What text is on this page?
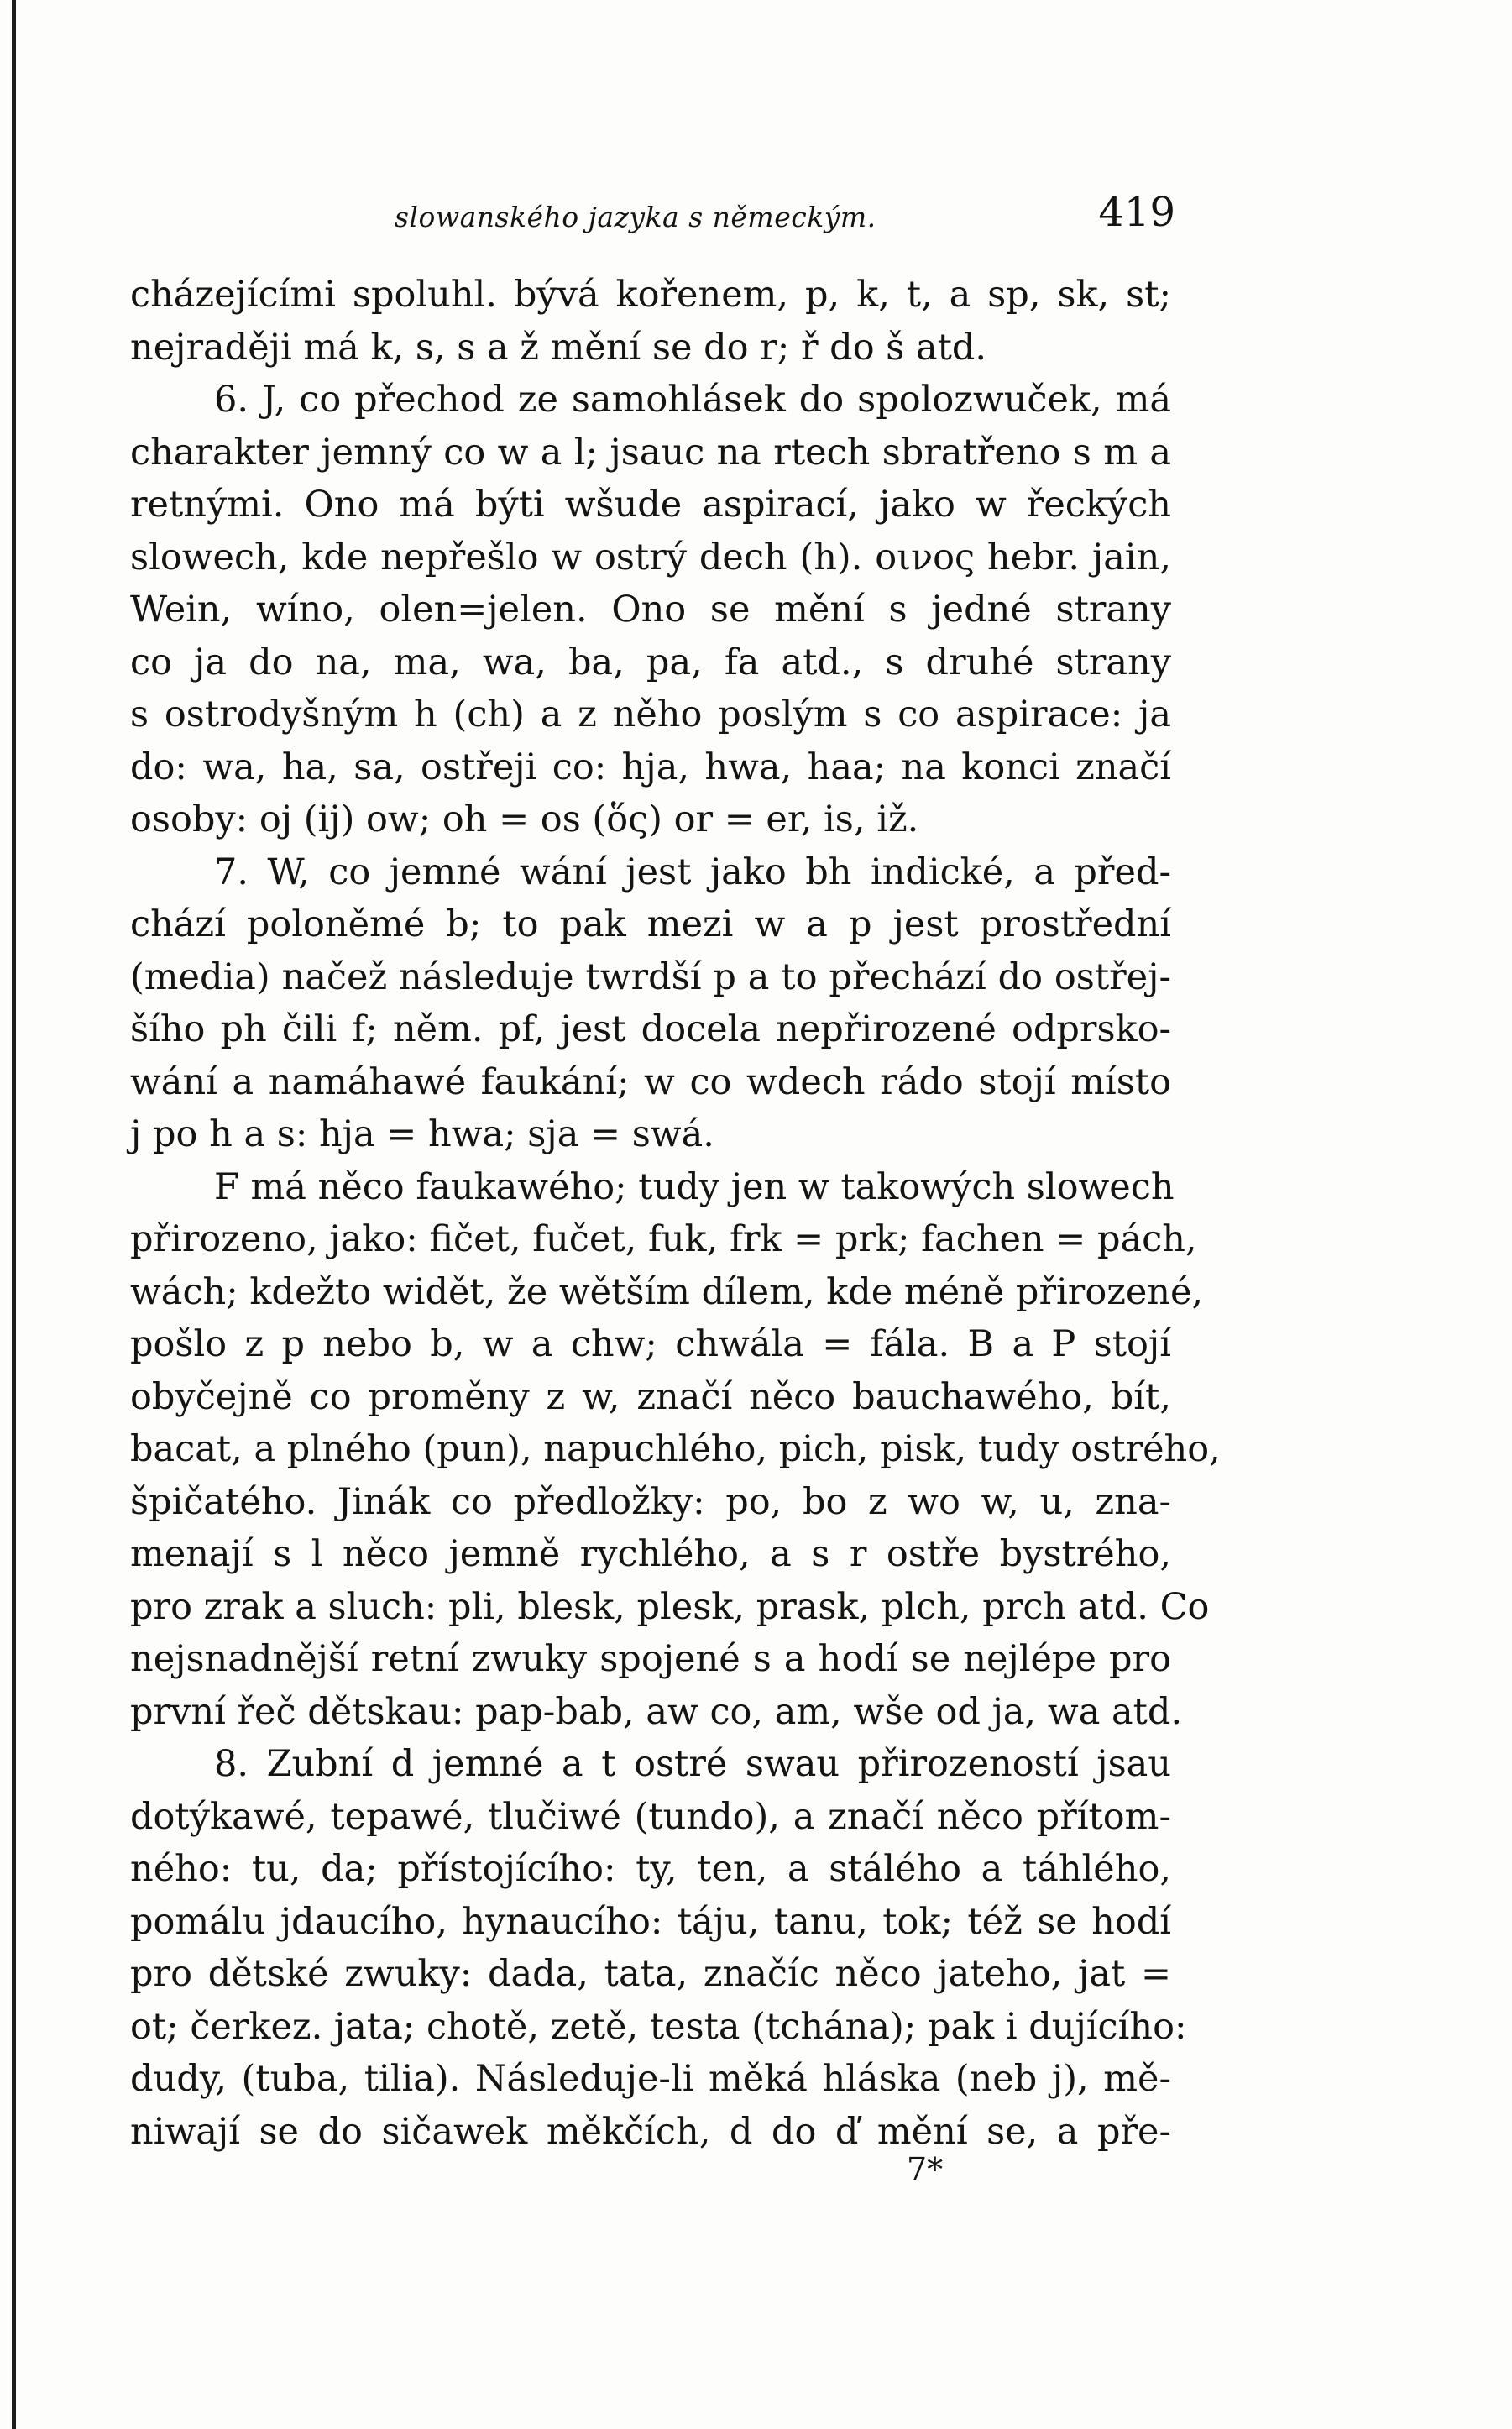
slowanského jazyka s německým.	419
cházejícími spoluhl. bývá kořenem, p, k, t, a sp, sk, st;
nejraději má k, s, s a ž mění se do r; ř do š atd.
6. J, co přechod ze samohlásek do spolozwuček, má
charakter jemný co w a l; jsauc na rtech sbratřeno s m a
retnými. Ono má býti wšude aspirací, jako w řeckých
slowech, kde nepřešlo w ostrý dech (h). οινος hebr. jain,
Wein, wíno, olen=jelen. Ono se mění s jedné strany
co ja do na, ma, wa, ba, pa, fa atd., s druhé strany
s ostrodyšným h (ch) a z něho poslým s co aspirace: ja
do: wa, ha, sa, ostřeji co: hja, hwa, haa; na konci značí
osoby: oj (ij) ow; oh = os (ὅς) or = er, is, iž.
7. W, co jemné wání jest jako bh indické, a před-
chází poloněmé b; to pak mezi w a p jest prostřední
(media) načež následuje twrdší p a to přechází do ostřej-
šího ph čili f; něm. pf, jest docela nepřirozené odprsko-
wání a namáhawé faukání; w co wdech rádo stojí místo
j po h a s: hja = hwa; sja = swá.
F má něco faukawého; tudy jen w takowých slowech
přirozeno, jako: fičet, fučet, fuk, frk = prk; fachen = pách,
wách; kdežto widět, že wětším dílem, kde méně přirozené,
pošlo z p nebo b, w a chw; chwála = fála. B a P stojí
obyčejně co proměny z w, značí něco bauchawého, bít,
bacat, a plného (pun), napuchlého, pich, pisk, tudy ostrého,
špičatého. Jinák co předložky: po, bo z wo w, u, zna-
menají s l něco jemně rychlého, a s r ostře bystrého,
pro zrak a sluch: pli, blesk, plesk, prask, plch, prch atd. Co
nejsnadnější retní zwuky spojené s a hodí se nejlépe pro
první řeč dětskau: pap-bab, aw co, am, wše od ja, wa atd.
8. Zubní d jemné a t ostré swau přirozeností jsau
dotýkawé, tepawé, tlučiwé (tundo), a značí něco přítom-
ného: tu, da; přístojícího: ty, ten, a stálého a táhlého,
pomálu jdaucího, hynaucího: táju, tanu, tok; též se hodí
pro dětské zwuky: dada, tata, značíc něco jateho, jat =
ot; čerkez. jata; chotě, zetě, testa (tchána); pak i dujícího:
dudy, (tuba, tilia). Následuje-li měká hláska (neb j), mě-
niwají se do sičawek měkčích, d do ď mění se, a pře-
7*
